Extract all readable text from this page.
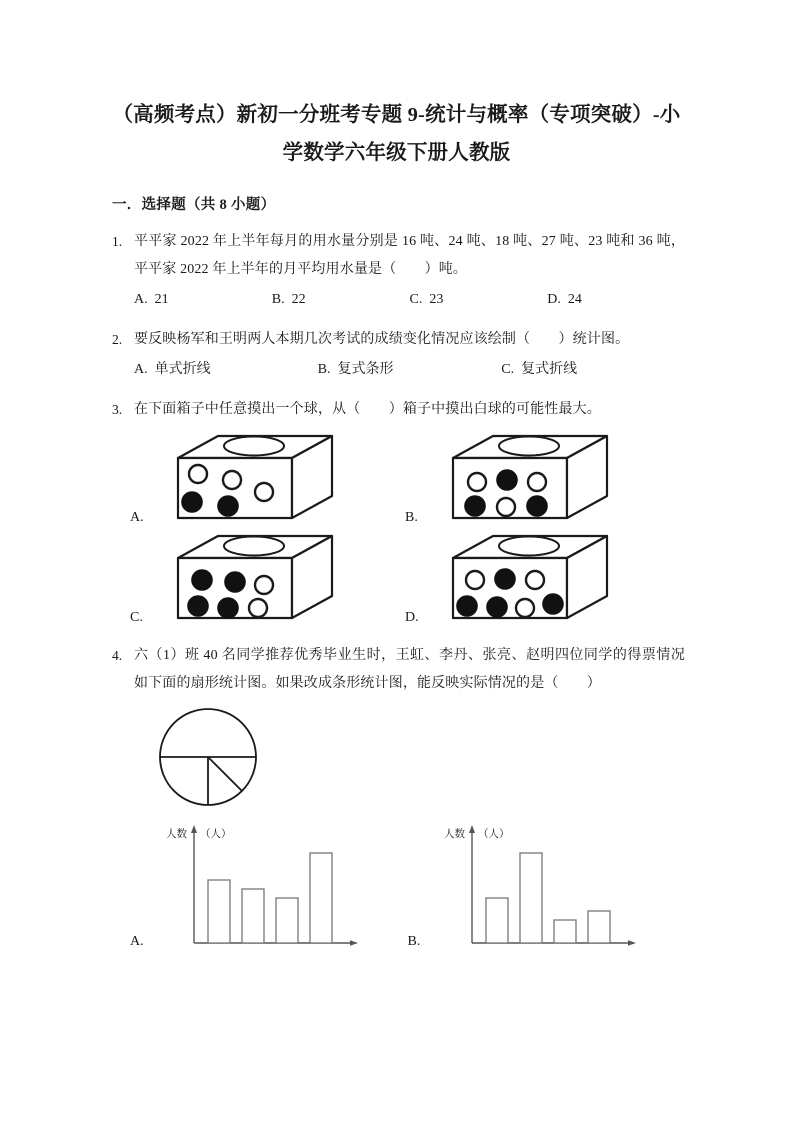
（高频考点）新初一分班考专题 9-统计与概率（专项突破）-小学数学六年级下册人教版
一．选择题（共 8 小题）
1. 平平家 2022 年上半年每月的用水量分别是 16 吨、24 吨、18 吨、27 吨、23 吨和 36 吨，平平家 2022 年上半年的月平均用水量是（　　）吨。
A. 21	B. 22	C. 23	D. 24
2. 要反映杨军和王明两人本期几次考试的成绩变化情况应该绘制（　　）统计图。
A. 单式折线	B. 复式条形	C. 复式折线
3. 在下面箱子中任意摸出一个球，从（　　）箱子中摸出白球的可能性最大。
A.	B.
C.	D.
4. 六（1）班 40 名同学推荐优秀毕业生时，王虹、李丹、张亮、赵明四位同学的得票情况如下面的扇形统计图。如果改成条形统计图，能反映实际情况的是（　　）
A.
人数 （人）
B.
人数 （人）
